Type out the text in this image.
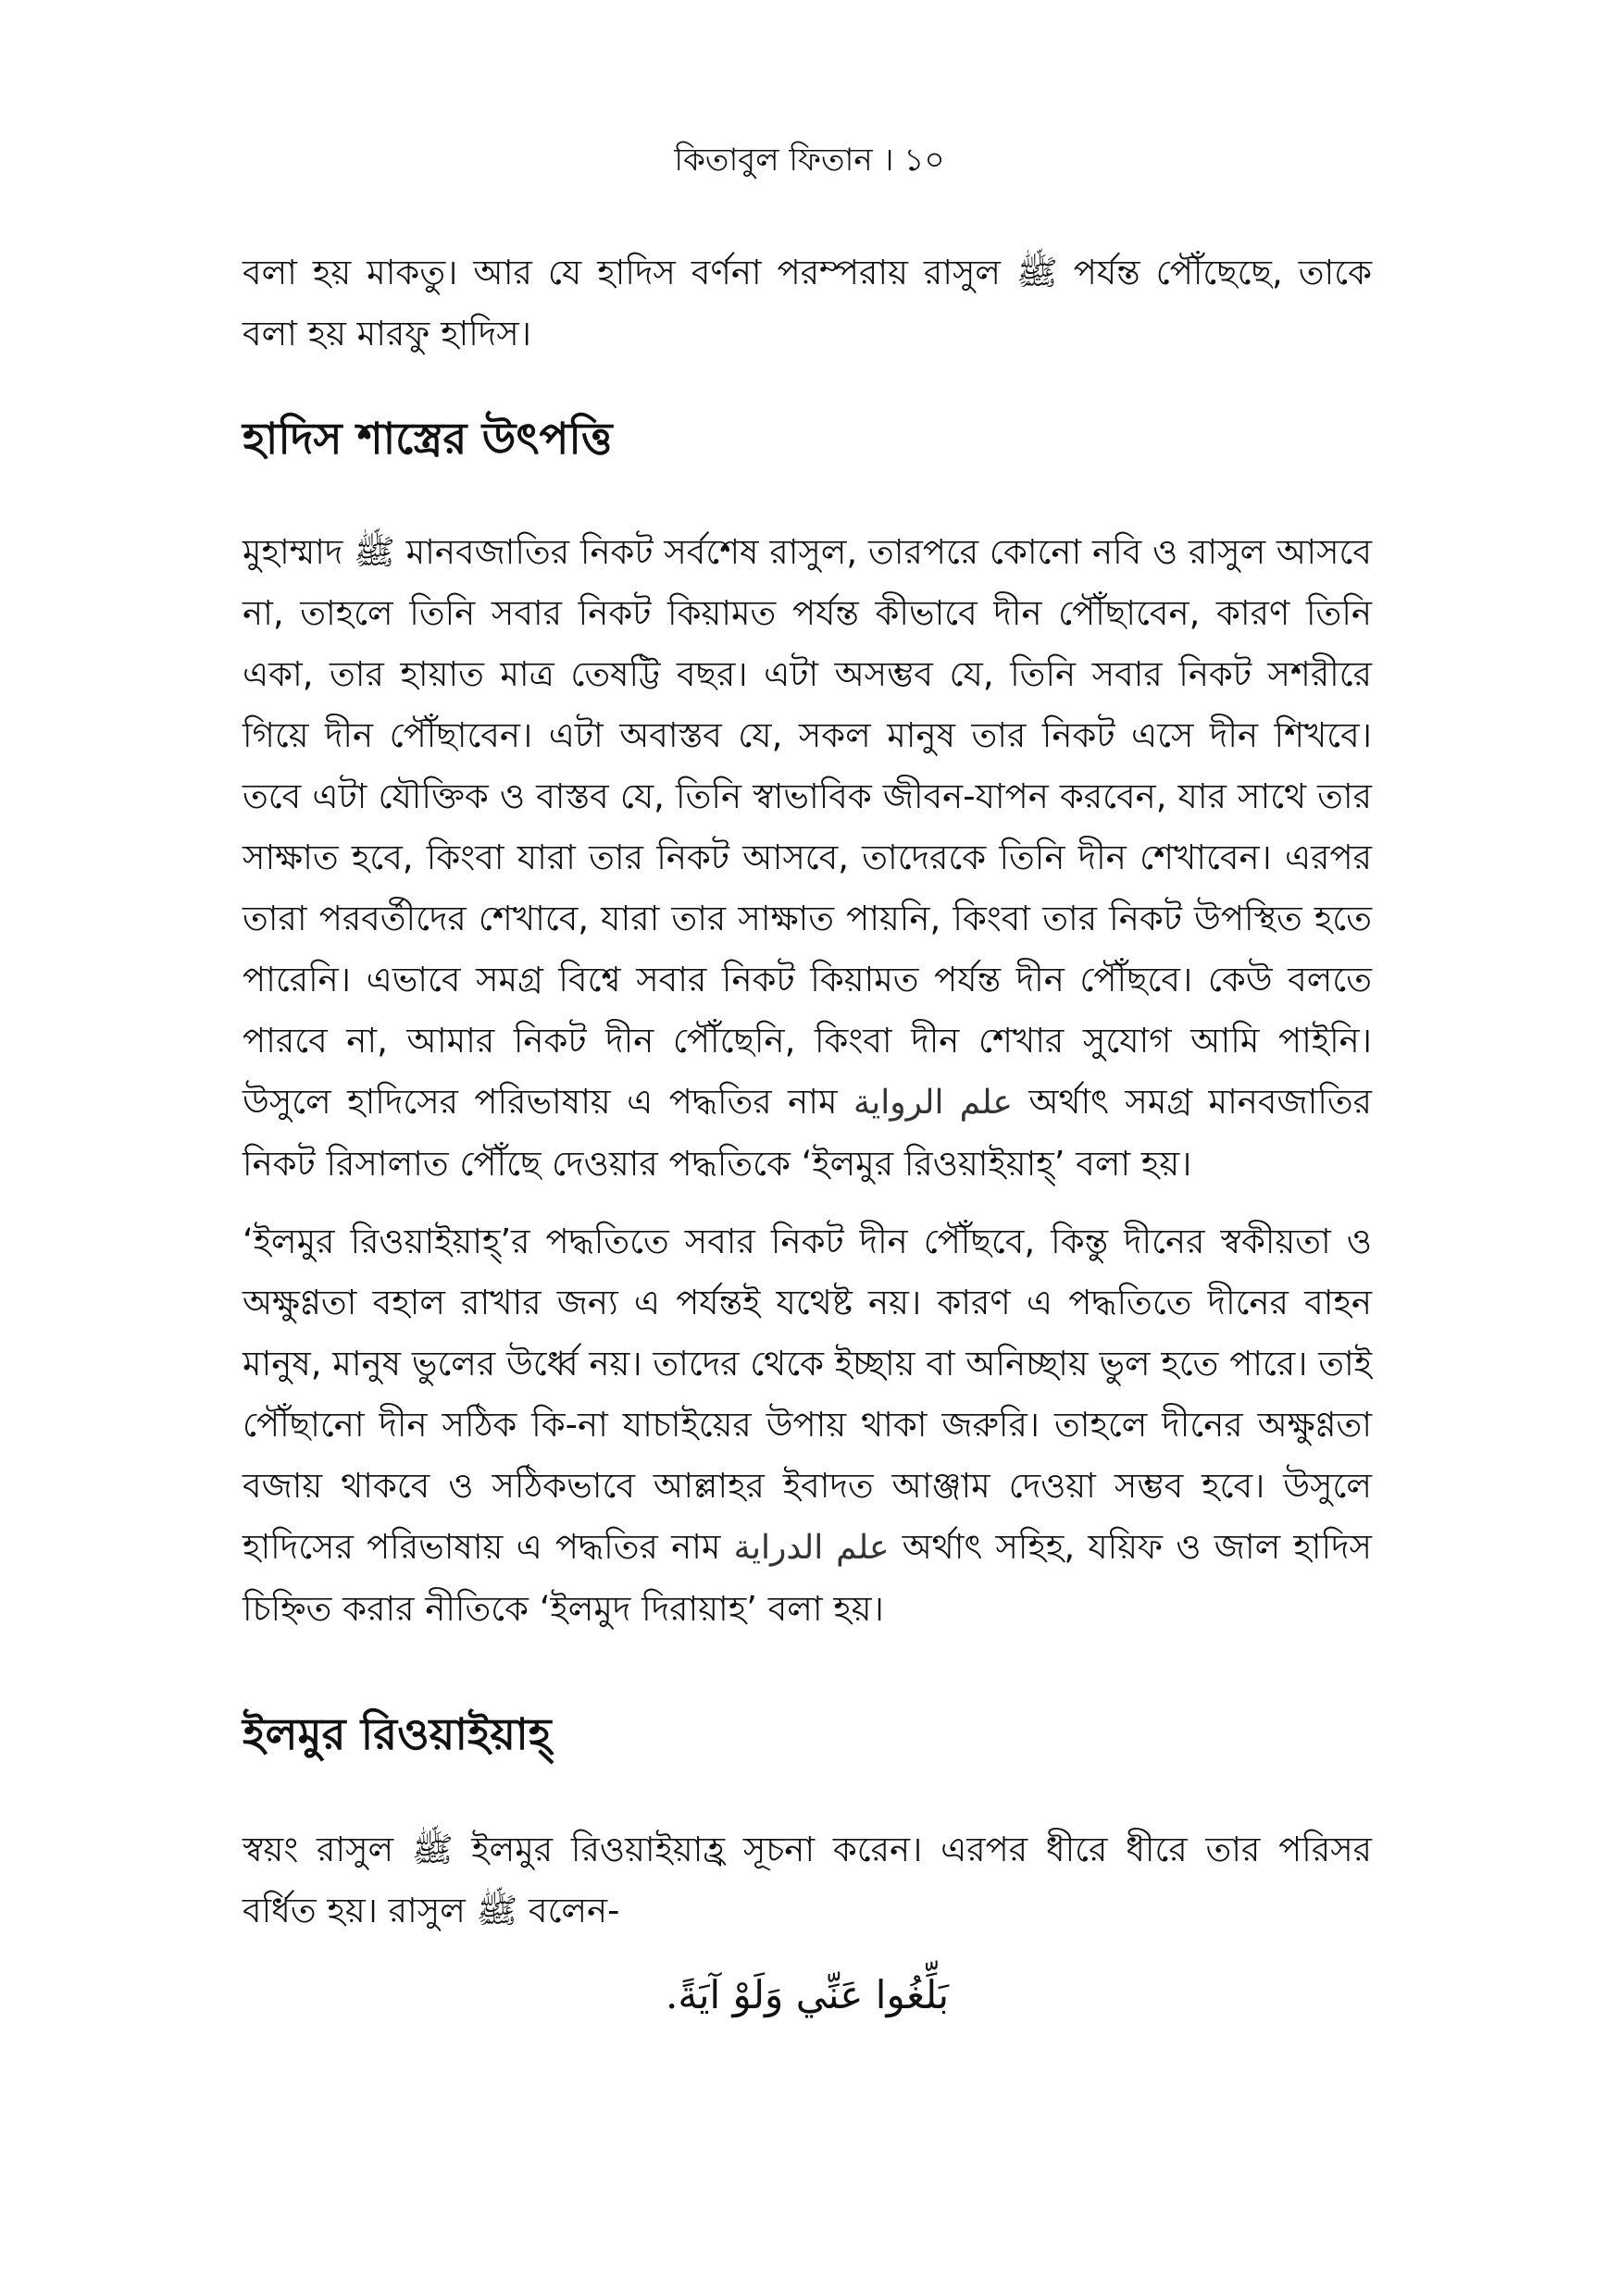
কিতাবুল ফিতান । ১০

বলা হয় মাকতু। আর যে হাদিস বর্ণনা পরম্পরায় রাসুল ﷺ পর্যন্ত পৌঁছেছে, তাকে বলা হয় মারফু হাদিস।

হাদিস শাস্ত্রের উৎপত্তি

মুহাম্মাদ ﷺ মানবজাতির নিকট সর্বশেষ রাসুল, তারপরে কোনো নবি ও রাসুল আসবে না, তাহলে তিনি সবার নিকট কিয়ামত পর্যন্ত কীভাবে দীন পৌঁছাবেন, কারণ তিনি একা, তার হায়াত মাত্র তেষট্টি বছর। এটা অসম্ভব যে, তিনি সবার নিকট সশরীরে গিয়ে দীন পৌঁছাবেন। এটা অবাস্তব যে, সকল মানুষ তার নিকট এসে দীন শিখবে। তবে এটা যৌক্তিক ও বাস্তব যে, তিনি স্বাভাবিক জীবন-যাপন করবেন, যার সাথে তার সাক্ষাত হবে, কিংবা যারা তার নিকট আসবে, তাদেরকে তিনি দীন শেখাবেন। এরপর তারা পরবর্তীদের শেখাবে, যারা তার সাক্ষাত পায়নি, কিংবা তার নিকট উপস্থিত হতে পারেনি। এভাবে সমগ্র বিশ্বে সবার নিকট কিয়ামত পর্যন্ত দীন পৌঁছবে। কেউ বলতে পারবে না, আমার নিকট দীন পৌঁছেনি, কিংবা দীন শেখার সুযোগ আমি পাইনি। উসুলে হাদিসের পরিভাষায় এ পদ্ধতির নাম علم الرواية অর্থাৎ সমগ্র মানবজাতির নিকট রিসালাত পৌঁছে দেওয়ার পদ্ধতিকে ‘ইলমুর রিওয়াইয়াহ্’ বলা হয়।

‘ইলমুর রিওয়াইয়াহ্’র পদ্ধতিতে সবার নিকট দীন পৌঁছবে, কিন্তু দীনের স্বকীয়তা ও অক্ষুণ্ণতা বহাল রাখার জন্য এ পর্যন্তই যথেষ্ট নয়। কারণ এ পদ্ধতিতে দীনের বাহন মানুষ, মানুষ ভুলের উর্ধ্বে নয়। তাদের থেকে ইচ্ছায় বা অনিচ্ছায় ভুল হতে পারে। তাই পৌঁছানো দীন সঠিক কি-না যাচাইয়ের উপায় থাকা জরুরি। তাহলে দীনের অক্ষুণ্ণতা বজায় থাকবে ও সঠিকভাবে আল্লাহর ইবাদত আঞ্জাম দেওয়া সম্ভব হবে। উসুলে হাদিসের পরিভাষায় এ পদ্ধতির নাম علم الدراية অর্থাৎ সহিহ, যয়িফ ও জাল হাদিস চিহ্নিত করার নীতিকে ‘ইলমুদ দিরায়াহ’ বলা হয়।

ইলমুর রিওয়াইয়াহ্

স্বয়ং রাসুল ﷺ ইলমুর রিওয়াইয়াহ্র সূচনা করেন। এরপর ধীরে ধীরে তার পরিসর বর্ধিত হয়। রাসুল ﷺ বলেন-

بَلِّغُوا عَنِّي وَلَوْ آيَةً.
